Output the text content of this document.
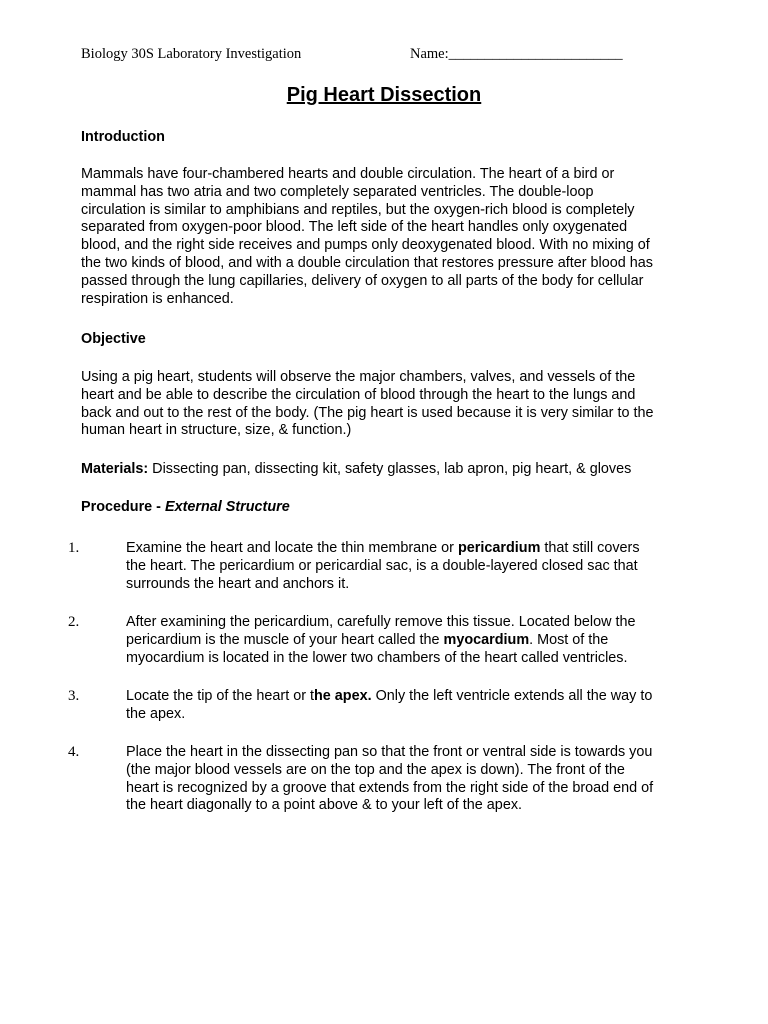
Biology 30S Laboratory Investigation	Name:________________________
Pig Heart Dissection
Introduction
Mammals have four-chambered hearts and double circulation. The heart of a bird or
mammal has two atria and two completely separated ventricles. The double-loop
circulation is similar to amphibians and reptiles, but the oxygen-rich blood is completely
separated from oxygen-poor blood. The left side of the heart handles only oxygenated
blood, and the right side receives and pumps only deoxygenated blood. With no mixing of
the two kinds of blood, and with a double circulation that restores pressure after blood has
passed through the lung capillaries, delivery of oxygen to all parts of the body for cellular
respiration is enhanced.
Objective
Using a pig heart, students will observe the major chambers, valves, and vessels of the
heart and be able to describe the circulation of blood through the heart to the lungs and
back and out to the rest of the body. (The pig heart is used because it is very similar to the
human heart in structure, size, & function.)
Materials: Dissecting pan, dissecting kit, safety glasses, lab apron, pig heart, & gloves
Procedure - External Structure
1.	Examine the heart and locate the thin membrane or pericardium that still covers
the heart. The pericardium or pericardial sac, is a double-layered closed sac that
surrounds the heart and anchors it.
2.	After examining the pericardium, carefully remove this tissue. Located below the
pericardium is the muscle of your heart called the myocardium. Most of the
myocardium is located in the lower two chambers of the heart called ventricles.
3.	Locate the tip of the heart or the apex. Only the left ventricle extends all the way to
the apex.
4.	Place the heart in the dissecting pan so that the front or ventral side is towards you
(the major blood vessels are on the top and the apex is down). The front of the
heart is recognized by a groove that extends from the right side of the broad end of
the heart diagonally to a point above & to your left of the apex.
